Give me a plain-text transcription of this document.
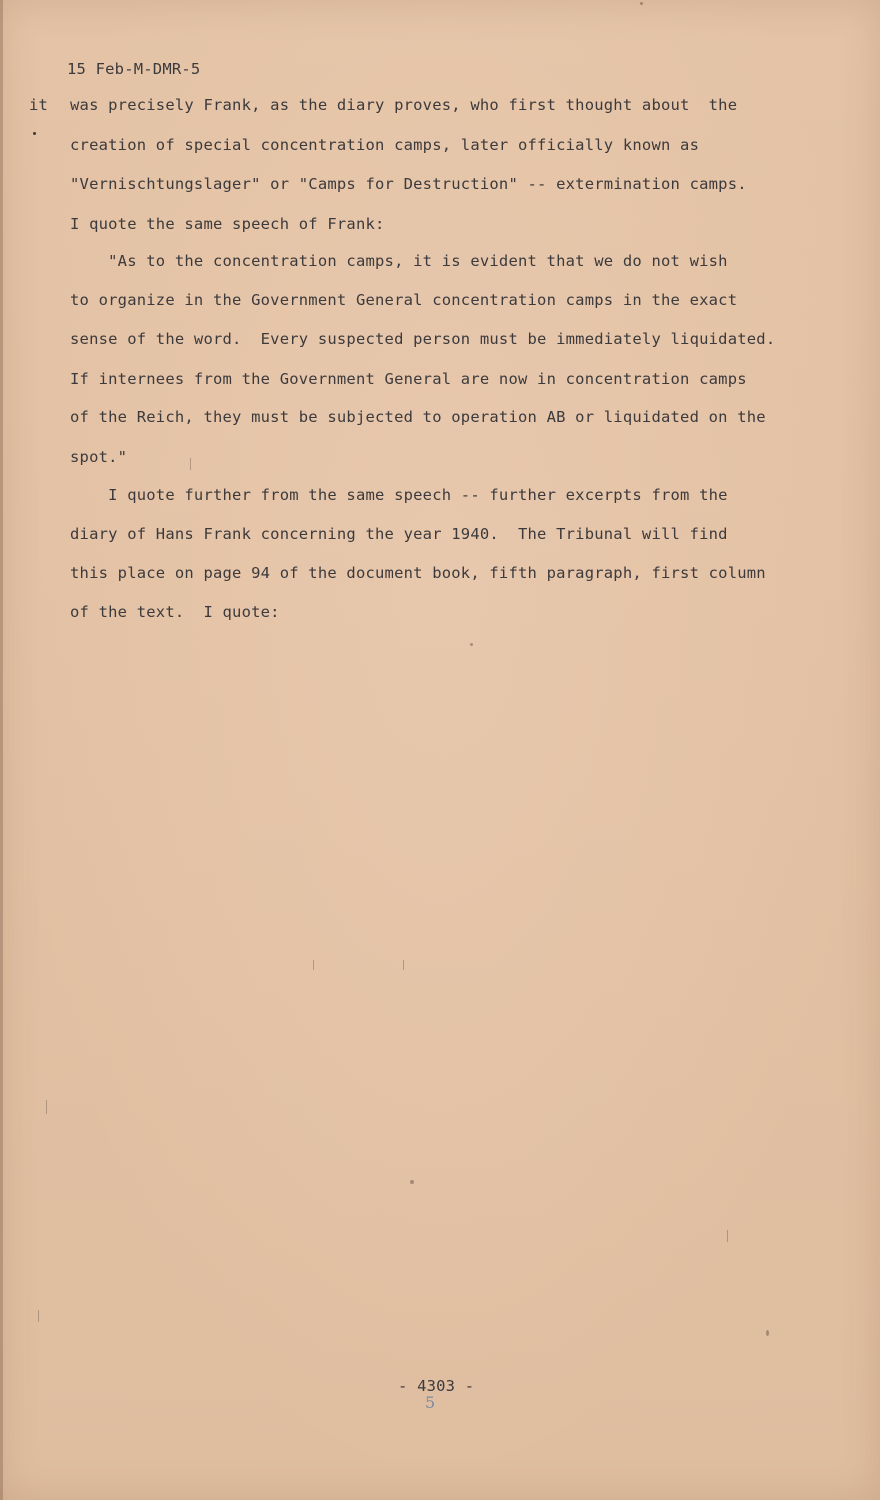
15 Feb-M-DMR-5
it was precisely Frank, as the diary proves, who first thought about  the
creation of special concentration camps, later officially known as
"Vernischtungslager" or "Camps for Destruction" -- extermination camps.
I quote the same speech of Frank:
"As to the concentration camps, it is evident that we do not wish
to organize in the Government General concentration camps in the exact
sense of the word.  Every suspected person must be immediately liquidated.
If internees from the Government General are now in concentration camps
of the Reich, they must be subjected to operation AB or liquidated on the
spot."
I quote further from the same speech -- further excerpts from the
diary of Hans Frank concerning the year 1940.  The Tribunal will find
this place on page 94 of the document book, fifth paragraph, first column
of the text.  I quote:
- 4303 -
5
